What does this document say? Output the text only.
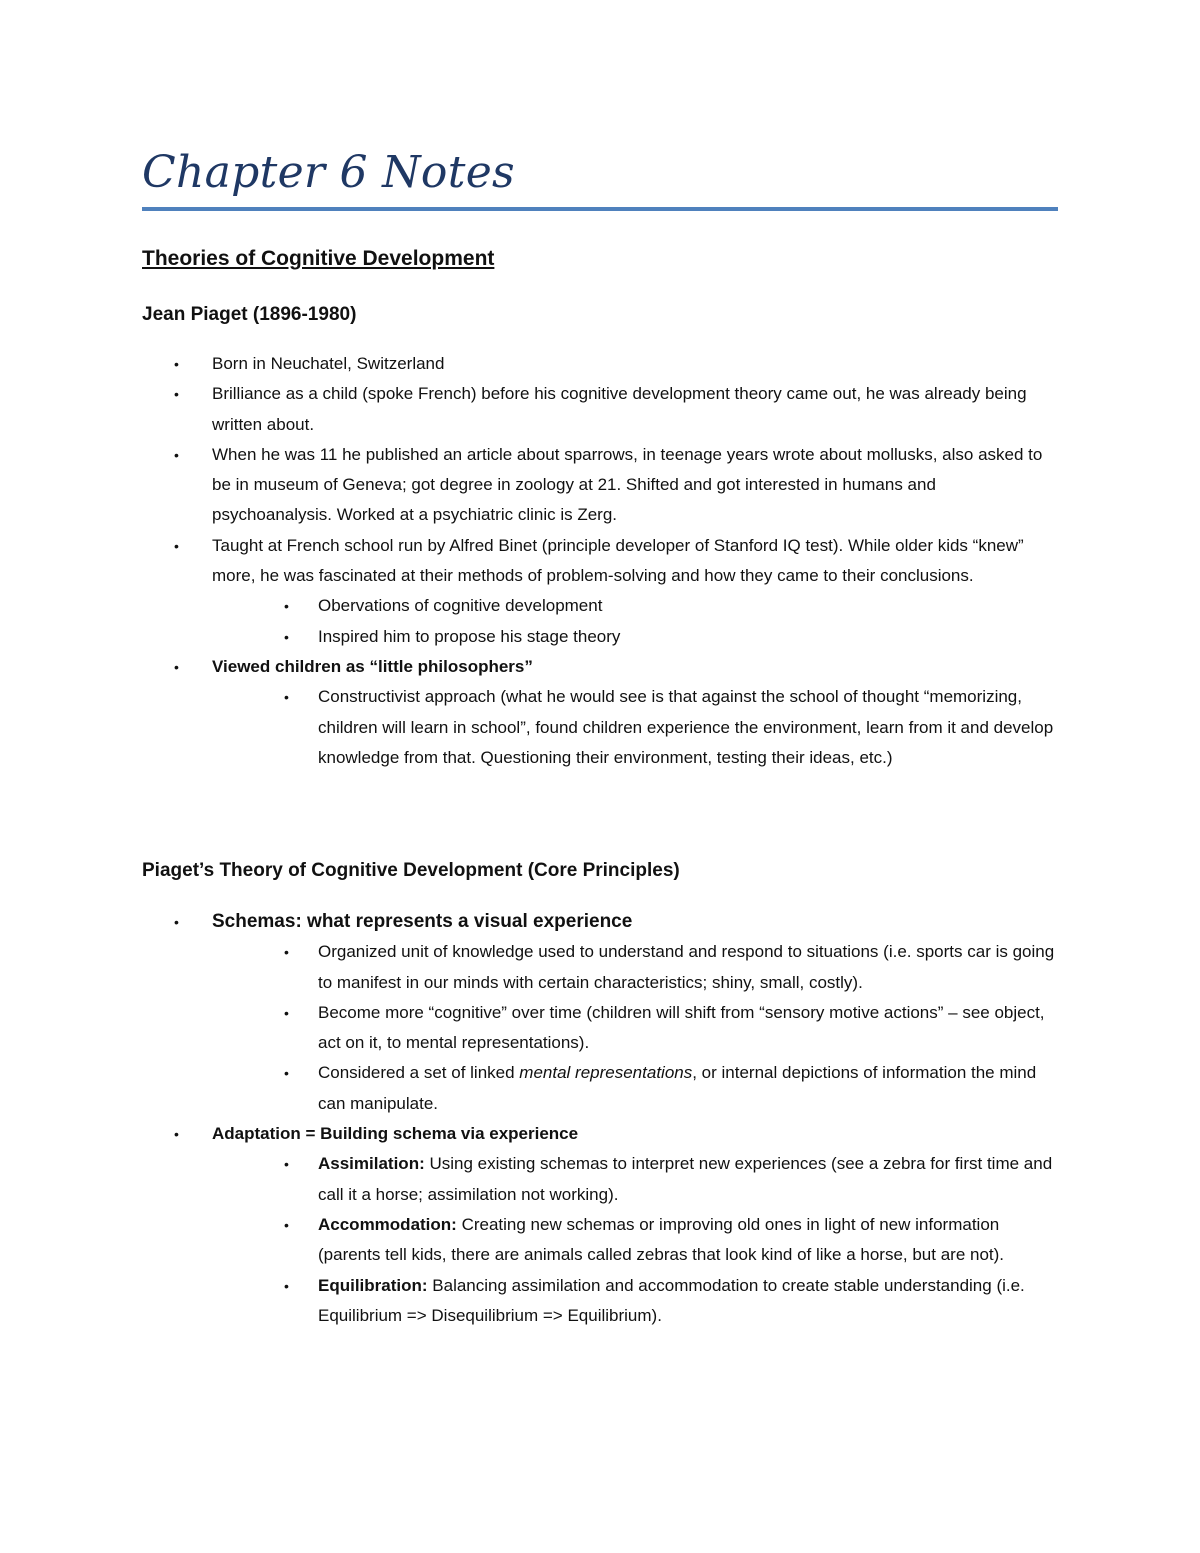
Chapter 6 Notes
Theories of Cognitive Development
Jean Piaget (1896-1980)
• Born in Neuchatel, Switzerland
• Brilliance as a child (spoke French) before his cognitive development theory came out, he was already being written about.
• When he was 11 he published an article about sparrows, in teenage years wrote about mollusks, also asked to be in museum of Geneva; got degree in zoology at 21. Shifted and got interested in humans and psychoanalysis. Worked at a psychiatric clinic is Zerg.
• Taught at French school run by Alfred Binet (principle developer of Stanford IQ test). While older kids “knew” more, he was fascinated at their methods of problem-solving and how they came to their conclusions.
• Obervations of cognitive development
• Inspired him to propose his stage theory
• Viewed children as “little philosophers”
• Constructivist approach (what he would see is that against the school of thought “memorizing, children will learn in school”, found children experience the environment, learn from it and develop knowledge from that. Questioning their environment, testing their ideas, etc.)
Piaget’s Theory of Cognitive Development (Core Principles)
• Schemas: what represents a visual experience
• Organized unit of knowledge used to understand and respond to situations (i.e. sports car is going to manifest in our minds with certain characteristics; shiny, small, costly).
• Become more “cognitive” over time (children will shift from “sensory motive actions” – see object, act on it, to mental representations).
• Considered a set of linked mental representations, or internal depictions of information the mind can manipulate.
• Adaptation = Building schema via experience
• Assimilation: Using existing schemas to interpret new experiences (see a zebra for first time and call it a horse; assimilation not working).
• Accommodation: Creating new schemas or improving old ones in light of new information (parents tell kids, there are animals called zebras that look kind of like a horse, but are not).
• Equilibration: Balancing assimilation and accommodation to create stable understanding (i.e. Equilibrium => Disequilibrium => Equilibrium).
